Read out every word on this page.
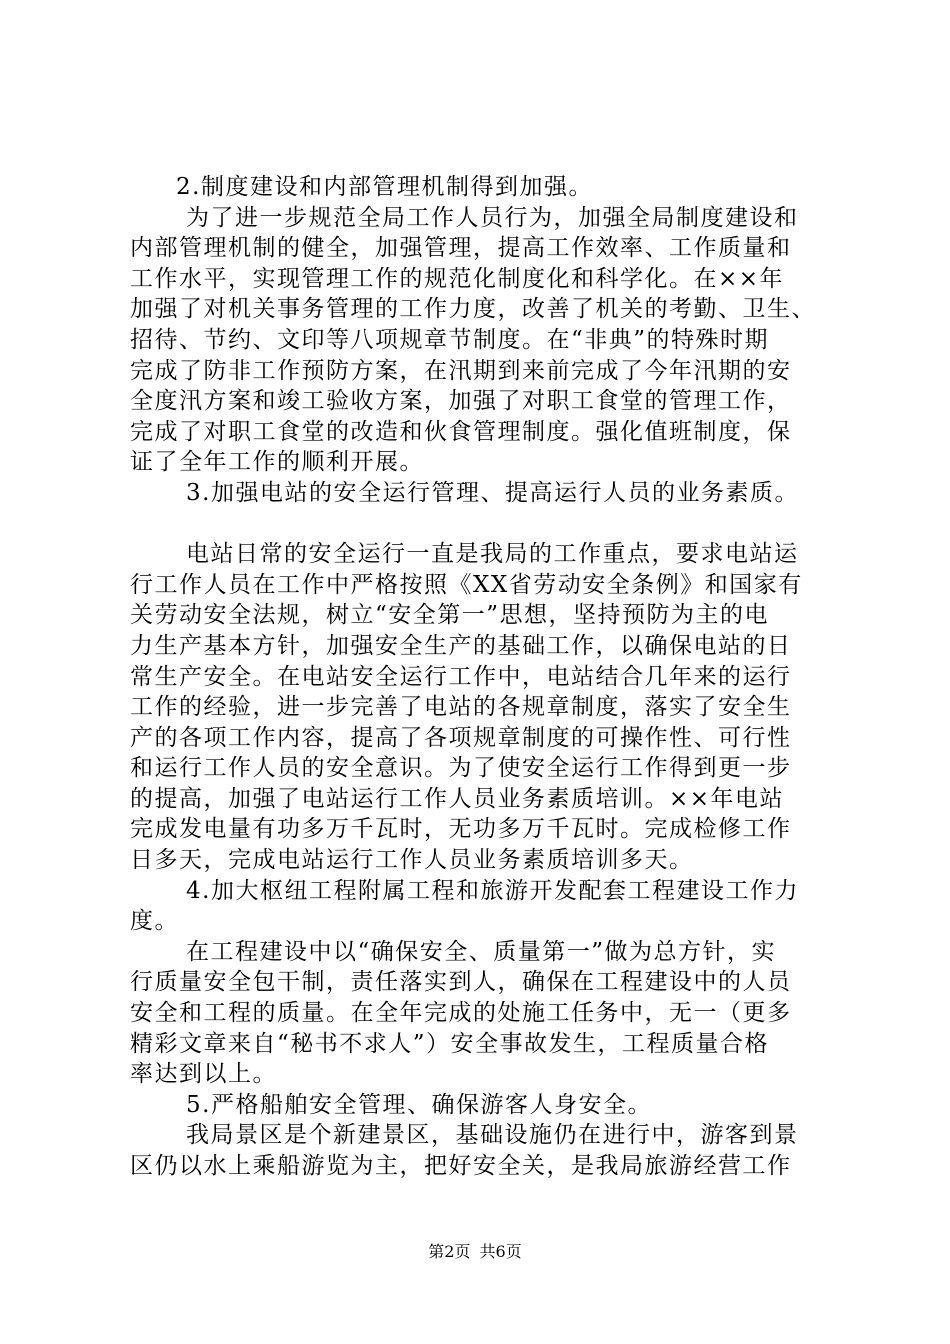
2.制度建设和内部管理机制得到加强。
为了进一步规范全局工作人员行为，加强全局制度建设和
内部管理机制的健全，加强管理，提高工作效率、工作质量和
工作水平，实现管理工作的规范化制度化和科学化。在××年
加强了对机关事务管理的工作力度，改善了机关的考勤、卫生、
招待、节约、文印等八项规章节制度。在“非典”的特殊时期
完成了防非工作预防方案，在汛期到来前完成了今年汛期的安
全度汛方案和竣工验收方案，加强了对职工食堂的管理工作，
完成了对职工食堂的改造和伙食管理制度。强化值班制度，保
证了全年工作的顺利开展。
3.加强电站的安全运行管理、提高运行人员的业务素质。
电站日常的安全运行一直是我局的工作重点，要求电站运
行工作人员在工作中严格按照《XX省劳动安全条例》和国家有
关劳动安全法规，树立“安全第一”思想，坚持预防为主的电
力生产基本方针，加强安全生产的基础工作，以确保电站的日
常生产安全。在电站安全运行工作中，电站结合几年来的运行
工作的经验，进一步完善了电站的各规章制度，落实了安全生
产的各项工作内容，提高了各项规章制度的可操作性、可行性
和运行工作人员的安全意识。为了使安全运行工作得到更一步
的提高，加强了电站运行工作人员业务素质培训。××年电站
完成发电量有功多万千瓦时，无功多万千瓦时。完成检修工作
日多天，完成电站运行工作人员业务素质培训多天。
4.加大枢纽工程附属工程和旅游开发配套工程建设工作力
度。
在工程建设中以“确保安全、质量第一”做为总方针，实
行质量安全包干制，责任落实到人，确保在工程建设中的人员
安全和工程的质量。在全年完成的处施工任务中，无一（更多
精彩文章来自“秘书不求人”）安全事故发生，工程质量合格
率达到以上。
5.严格船舶安全管理、确保游客人身安全。
我局景区是个新建景区，基础设施仍在进行中，游客到景
区仍以水上乘船游览为主，把好安全关，是我局旅游经营工作
第2页 共6页
